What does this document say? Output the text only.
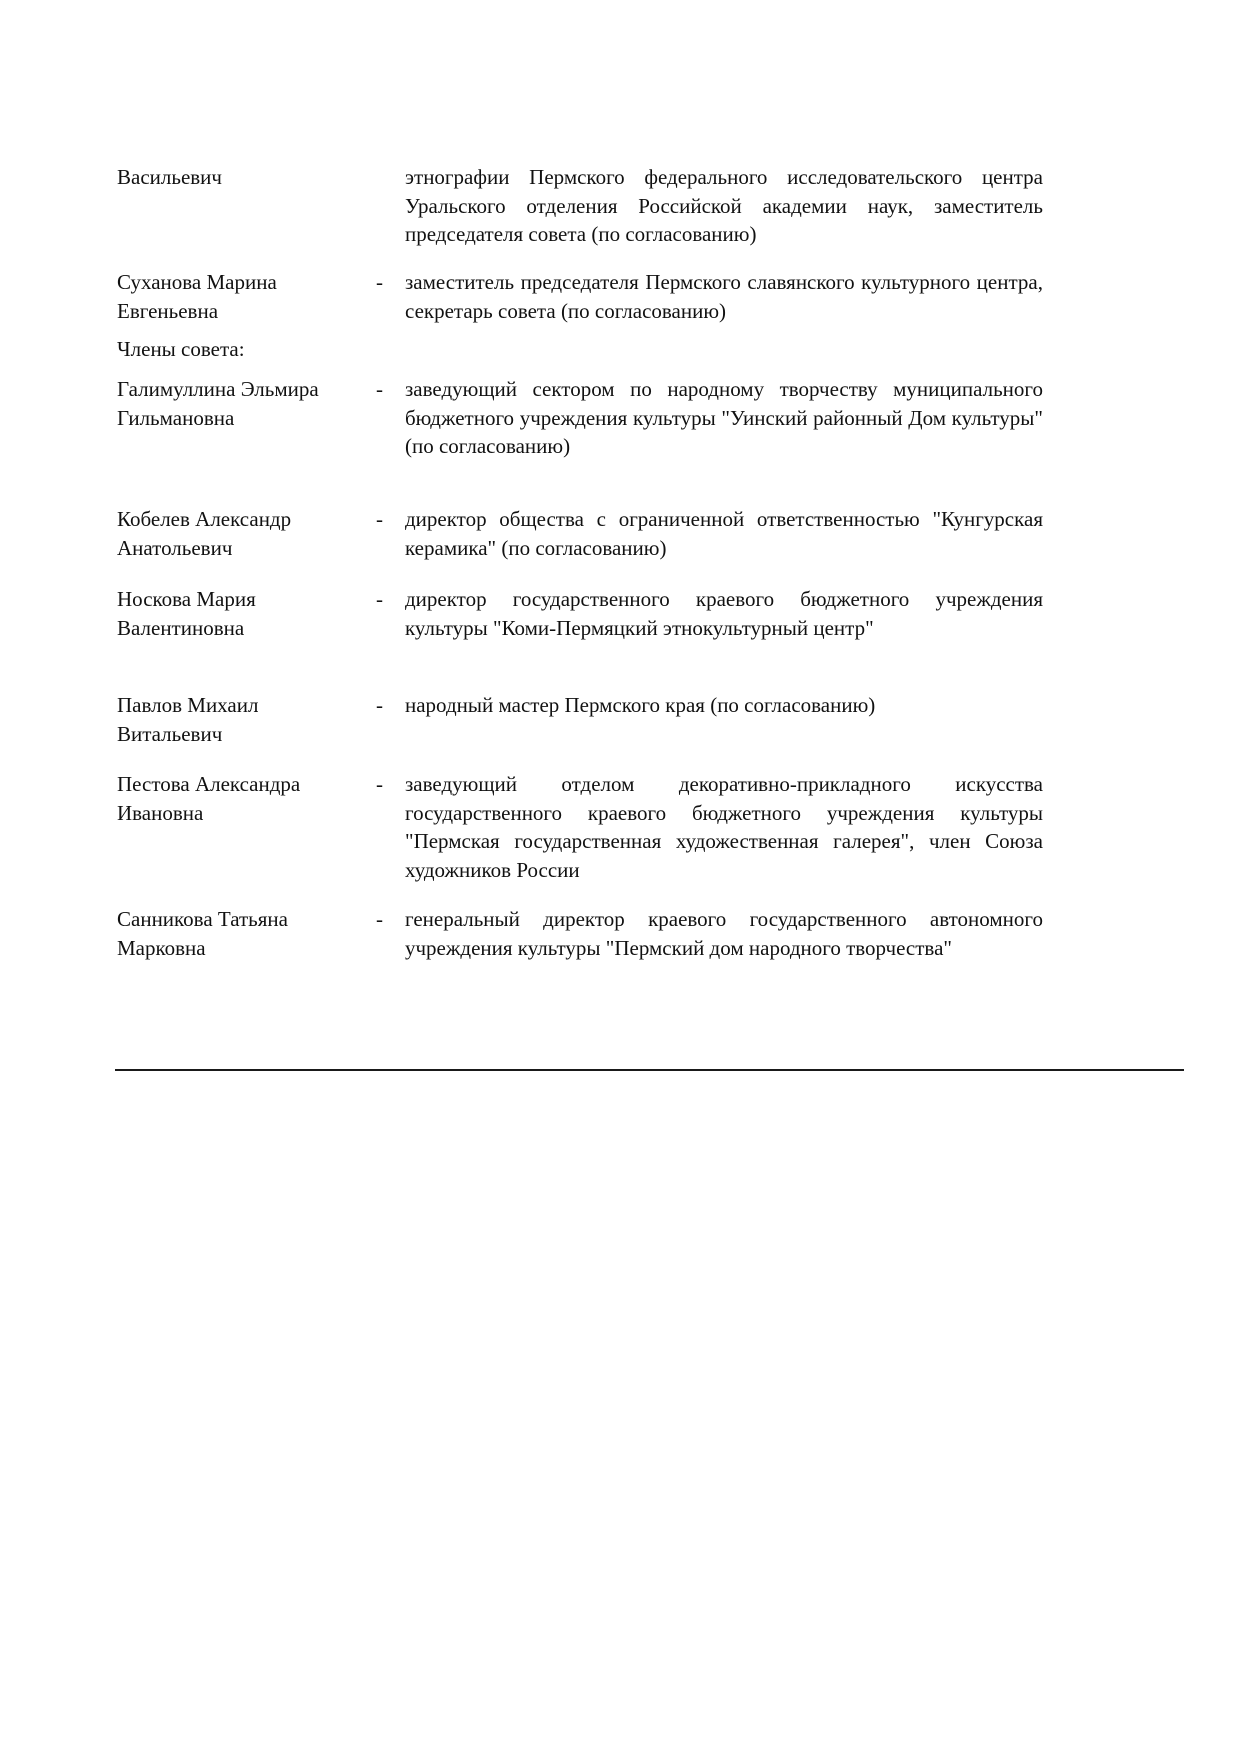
Васильевич	этнографии Пермского федерального исследовательского центра Уральского отделения Российской академии наук, заместитель председателя совета (по согласованию)
Суханова Марина Евгеньевна
- заместитель председателя Пермского славянского культурного центра, секретарь совета (по согласованию)
Члены совета:
Галимуллина Эльмира Гильмановна
- заведующий сектором по народному творчеству муниципального бюджетного учреждения культуры "Уинский районный Дом культуры" (по согласованию)
Кобелев Александр Анатольевич
- директор общества с ограниченной ответственностью "Кунгурская керамика" (по согласованию)
Носкова Мария Валентиновна
- директор государственного краевого бюджетного учреждения культуры "Коми-Пермяцкий этнокультурный центр"
Павлов Михаил Витальевич
- народный мастер Пермского края (по согласованию)
Пестова Александра Ивановна
- заведующий отделом декоративно-прикладного искусства государственного краевого бюджетного учреждения культуры "Пермская государственная художественная галерея", член Союза художников России
Санникова Татьяна Марковна
- генеральный директор краевого государственного автономного учреждения культуры "Пермский дом народного творчества"
